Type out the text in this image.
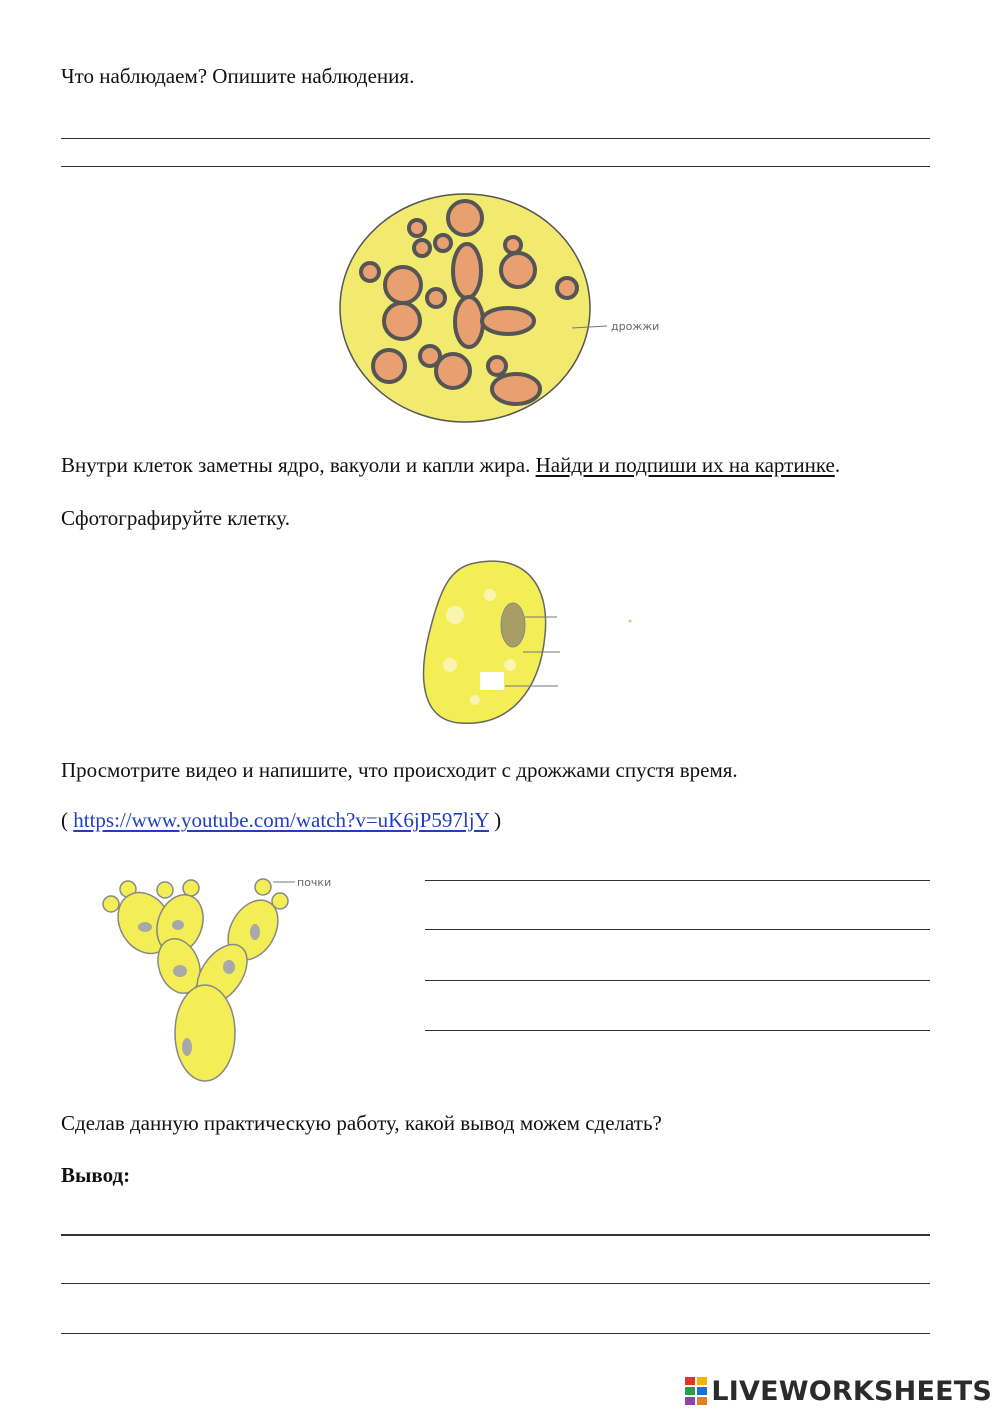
Что наблюдаем? Опишите наблюдения.
дрожжи
Внутри клеток заметны ядро, вакуоли и капли жира. Найди и подпиши их на картинке.
Сфотографируйте клетку.
Просмотрите видео и напишите, что происходит с дрожжами спустя время.
( https://www.youtube.com/watch?v=uK6jP597ljY )
почки
Сделав данную практическую работу, какой вывод можем сделать?
Вывод:
LIVEWORKSHEETS
